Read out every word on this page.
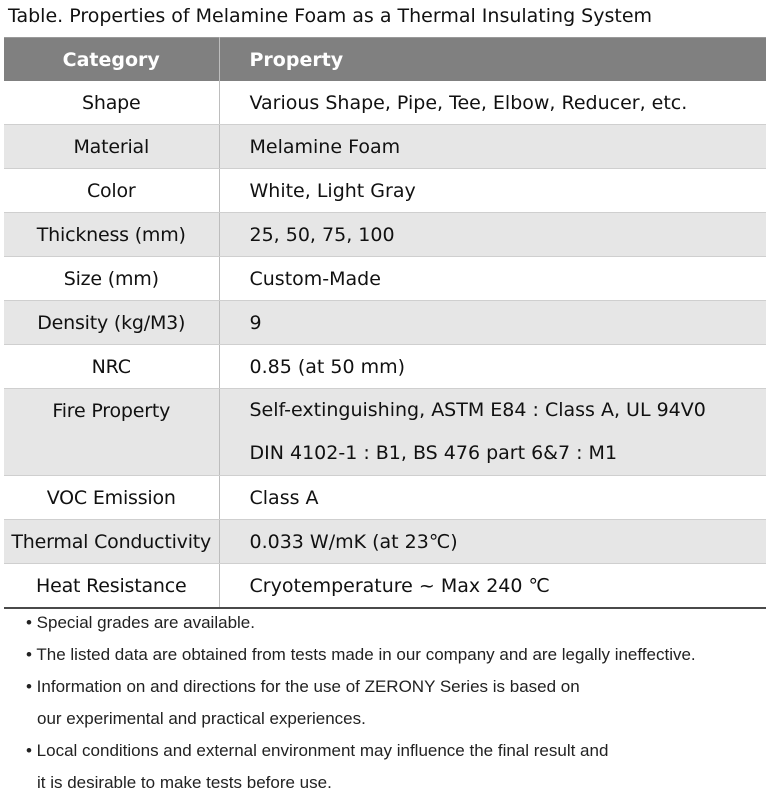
Table. Properties of Melamine Foam as a Thermal Insulating System
Category	Property
Shape	Various Shape, Pipe, Tee, Elbow, Reducer, etc.

Material	Melamine Foam

Color	White, Light Gray

Thickness (mm)	25, 50, 75, 100

Size (mm)	Custom-Made

Density (kg/M3)	9

NRC	0.85 (at 50 mm)

Fire Property	Self-extinguishing, ASTM E84 : Class A, UL 94V0
DIN 4102-1 : B1, BS 476 part 6&7 : M1

VOC Emission	Class A

Thermal Conductivity	0.033 W/mK (at 23℃)

Heat Resistance	Cryotemperature ~ Max 240 ℃
• Special grades are available.
• The listed data are obtained from tests made in our company and are legally ineffective.
• Information on and directions for the use of ZERONY Series is based on
our experimental and practical experiences.
• Local conditions and external environment may influence the final result and
it is desirable to make tests before use.
